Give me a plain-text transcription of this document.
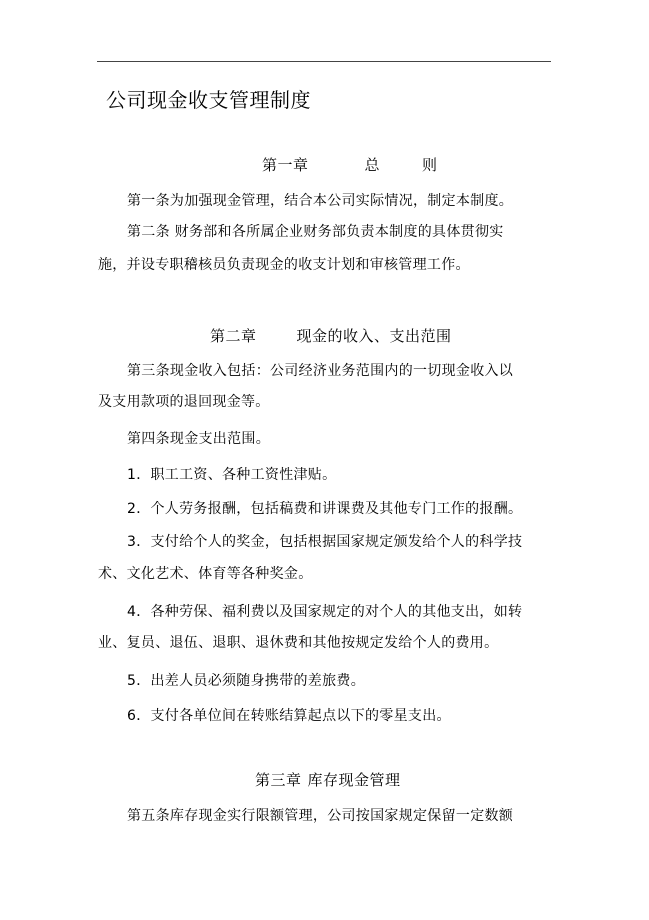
公司现金收支管理制度
第一章	总	则
第一条为加强现金管理，结合本公司实际情况，制定本制度。
第二条 财务部和各所属企业财务部负责本制度的具体贯彻实
施，并设专职稽核员负责现金的收支计划和审核管理工作。
第二章	现金的收入、支出范围
第三条现金收入包括：公司经济业务范围内的一切现金收入以
及支用款项的退回现金等。
第四条现金支出范围。
1．职工工资、各种工资性津贴。
2．个人劳务报酬，包括稿费和讲课费及其他专门工作的报酬。
3．支付给个人的奖金，包括根据国家规定颁发给个人的科学技
术、文化艺术、体育等各种奖金。
4．各种劳保、福利费以及国家规定的对个人的其他支出，如转
业、复员、退伍、退职、退休费和其他按规定发给个人的费用。
5．出差人员必须随身携带的差旅费。
6．支付各单位间在转账结算起点以下的零星支出。
第三章 库存现金管理
第五条库存现金实行限额管理，公司按国家规定保留一定数额
